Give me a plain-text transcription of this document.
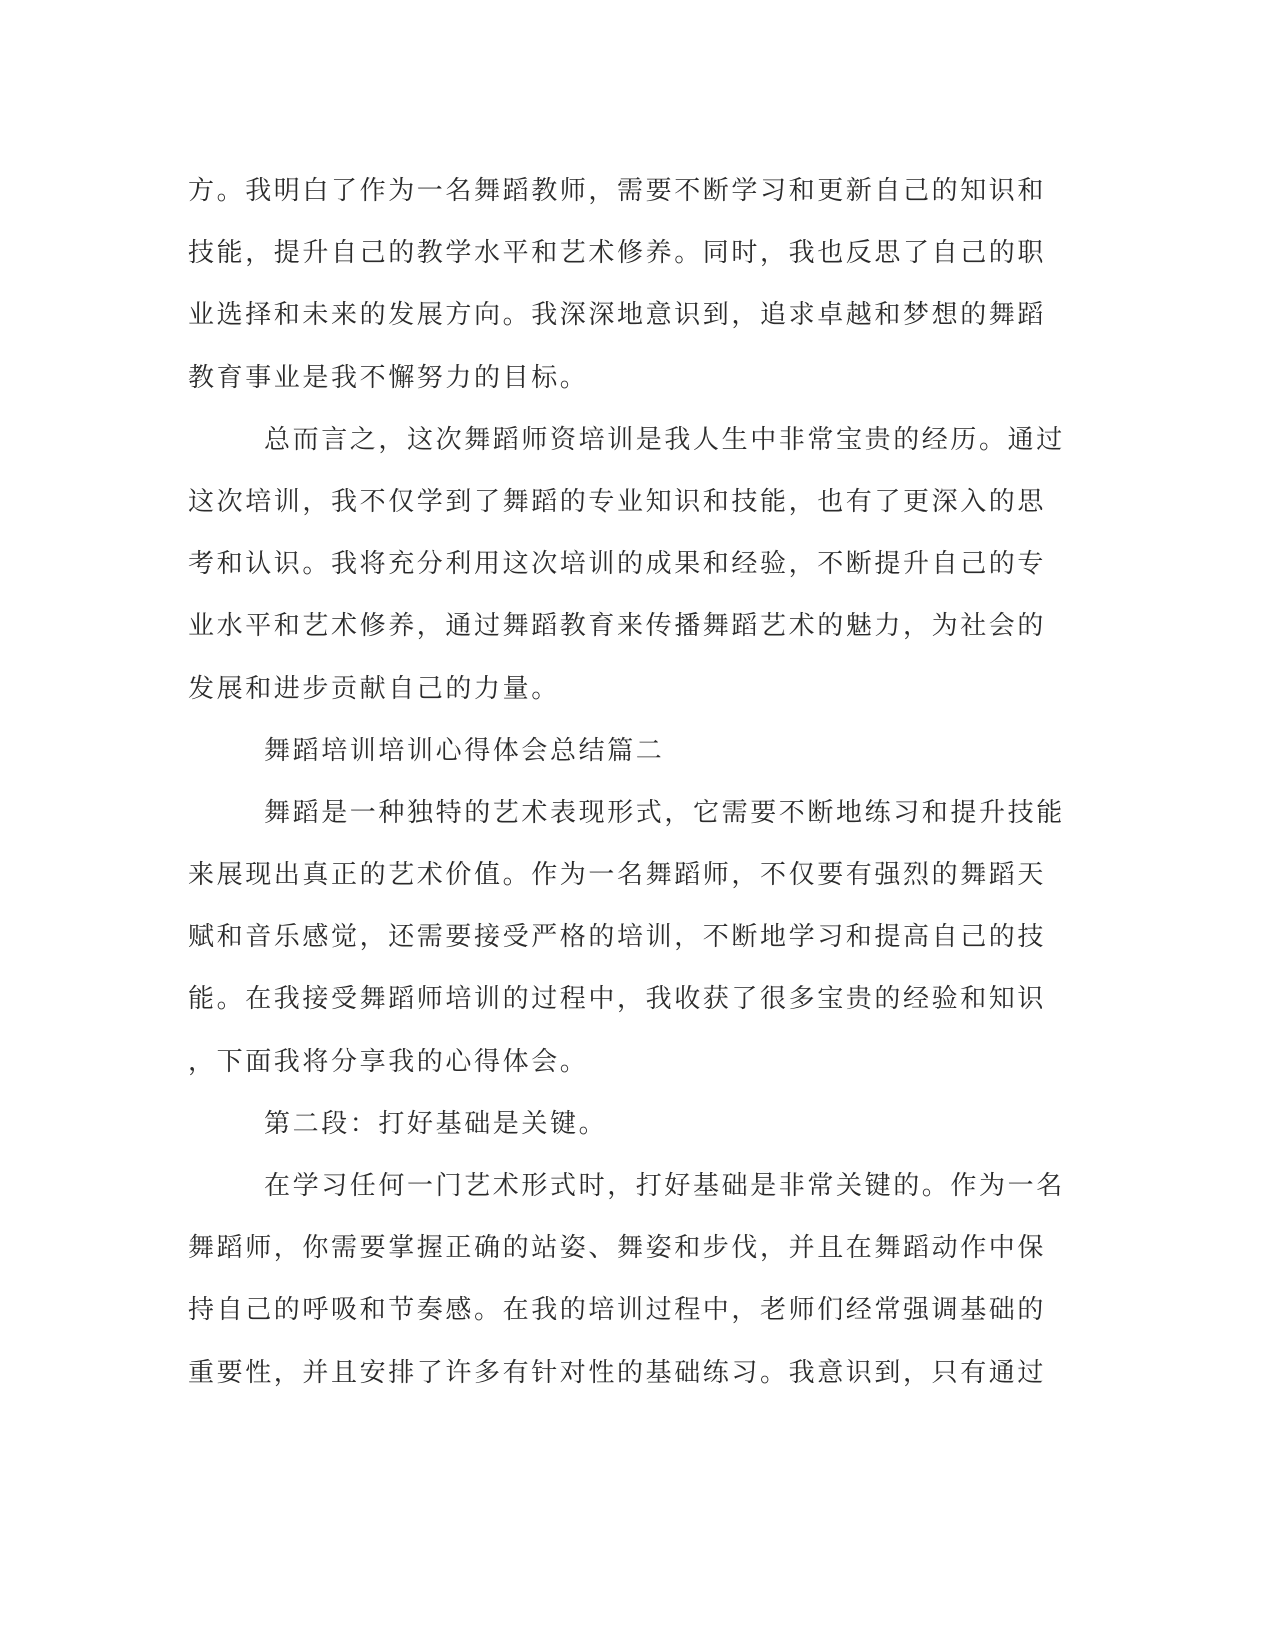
方。我明白了作为一名舞蹈教师，需要不断学习和更新自己的知识和
技能，提升自己的教学水平和艺术修养。同时，我也反思了自己的职
业选择和未来的发展方向。我深深地意识到，追求卓越和梦想的舞蹈
教育事业是我不懈努力的目标。
总而言之，这次舞蹈师资培训是我人生中非常宝贵的经历。通过
这次培训，我不仅学到了舞蹈的专业知识和技能，也有了更深入的思
考和认识。我将充分利用这次培训的成果和经验，不断提升自己的专
业水平和艺术修养，通过舞蹈教育来传播舞蹈艺术的魅力，为社会的
发展和进步贡献自己的力量。
舞蹈培训培训心得体会总结篇二
舞蹈是一种独特的艺术表现形式，它需要不断地练习和提升技能
来展现出真正的艺术价值。作为一名舞蹈师，不仅要有强烈的舞蹈天
赋和音乐感觉，还需要接受严格的培训，不断地学习和提高自己的技
能。在我接受舞蹈师培训的过程中，我收获了很多宝贵的经验和知识
，下面我将分享我的心得体会。
第二段：打好基础是关键。
在学习任何一门艺术形式时，打好基础是非常关键的。作为一名
舞蹈师，你需要掌握正确的站姿、舞姿和步伐，并且在舞蹈动作中保
持自己的呼吸和节奏感。在我的培训过程中，老师们经常强调基础的
重要性，并且安排了许多有针对性的基础练习。我意识到，只有通过
